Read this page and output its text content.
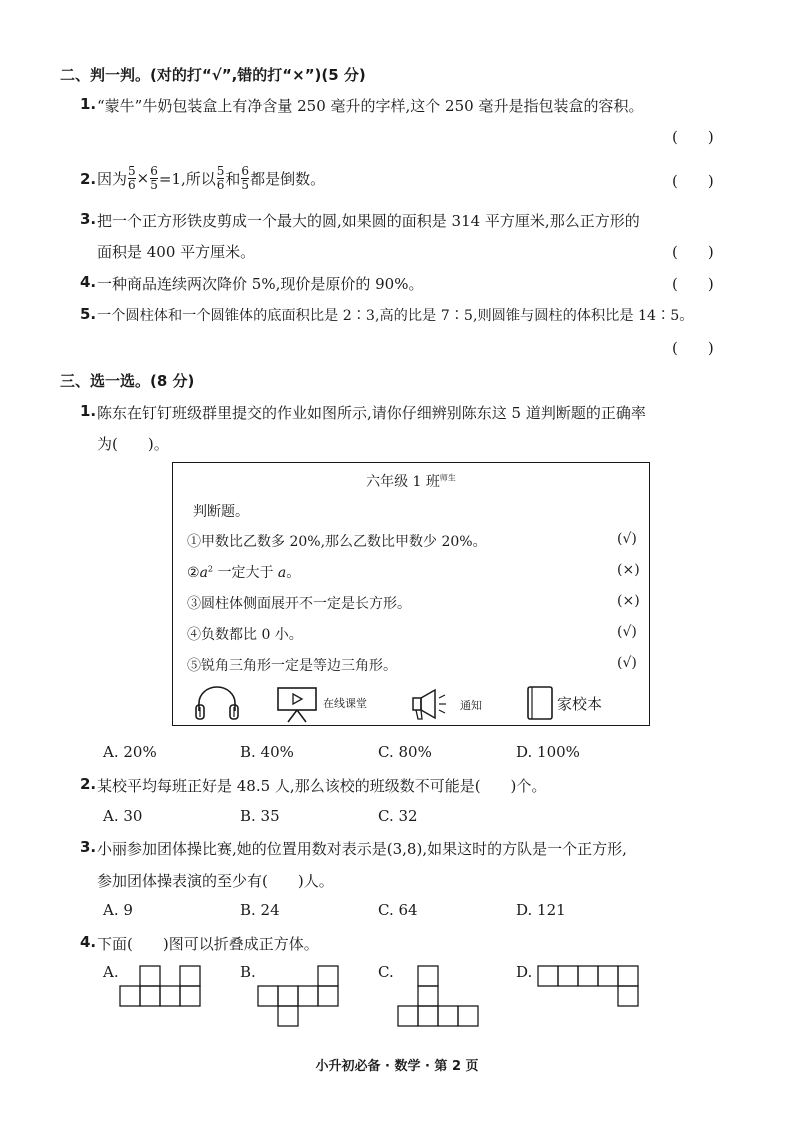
二、判一判。(对的打“√”,错的打“×”)(5 分)
1. “蒙牛”牛奶包装盒上有净含量 250 毫升的字样,这个 250 毫升是指包装盒的容积。
(　　)
2. 因为 $\frac{5}{6} \times \frac{6}{5} =1$,所以 $\frac{5}{6}$ 和 $\frac{6}{5}$ 都是倒数。	(　　)
3. 把一个正方形铁皮剪成一个最大的圆,如果圆的面积是 314 平方厘米,那么正方形的
面积是 400 平方厘米。	(　　)
4. 一种商品连续两次降价 5%,现价是原价的 90%。	(　　)
5. 一个圆柱体和一个圆锥体的底面积比是 2∶3,高的比是 7∶5,则圆锥与圆柱的体积比是 14∶5。
(　　)
三、选一选。(8 分)
1. 陈东在钉钉班级群里提交的作业如图所示,请你仔细辨别陈东这 5 道判断题的正确率
为(　　)。
六年级 1 班$^{师生}$
判断题。
①甲数比乙数多 20%,那么乙数比甲数少 20%。	(√)
$②a^2$ 一定大于 a。	(×)
③圆柱体侧面展开不一定是长方形。	(×)
④负数都比 0 小。	(√)
⑤锐角三角形一定是等边三角形。	(√)
在线课堂	通知	家校本
A. 20%	B. 40%	C. 80%	D. 100%
2. 某校平均每班正好是 48.5 人,那么该校的班级数不可能是(　　)个。
A. 30	B. 35	C. 32
3. 小丽参加团体操比赛,她的位置用数对表示是(3,8),如果这时的方队是一个正方形,
参加团体操表演的至少有(　　)人。
A. 9	B. 24	C. 64	D. 121
4. 下面(　　)图可以折叠成正方体。
A.	B.	C.	D.
小升初必备 · 数学 · 第 2 页
